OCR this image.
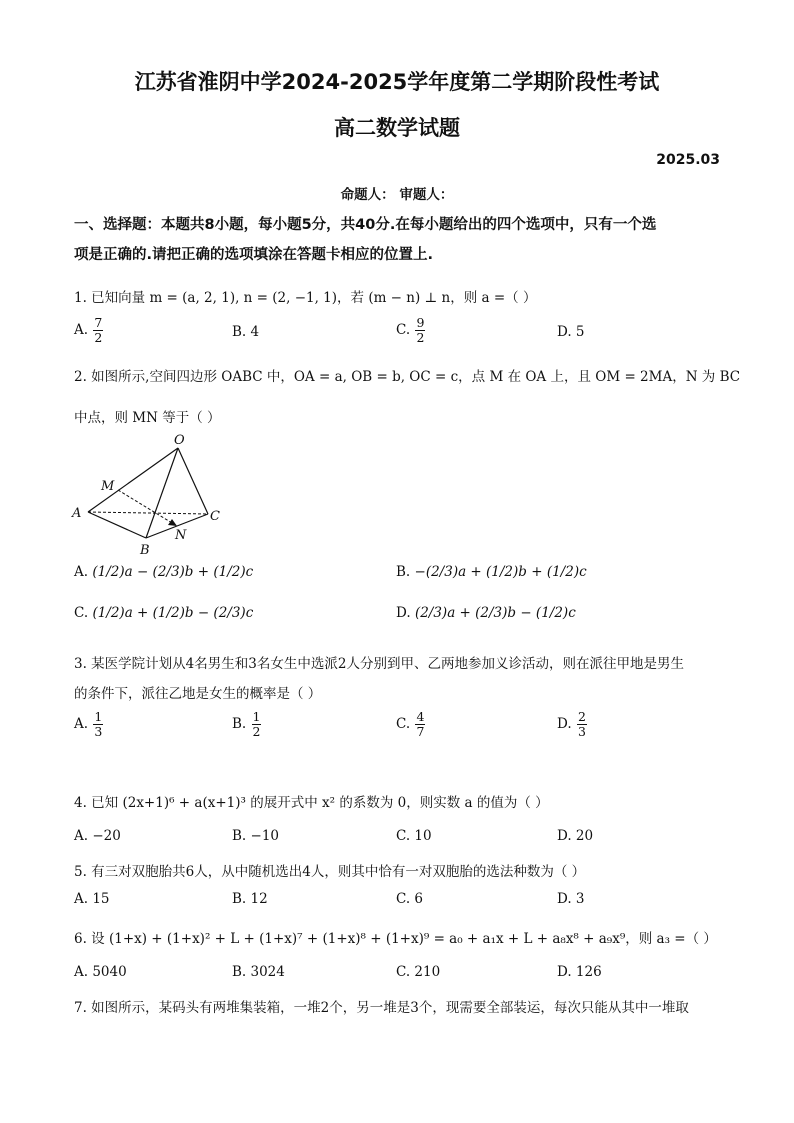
江苏省淮阴中学2024-2025学年度第二学期阶段性考试
高二数学试题
2025.03
命题人： 审题人：
一、选择题：本题共8小题，每小题5分，共40分.在每小题给出的四个选项中，只有一个选
项是正确的.请把正确的选项填涂在答题卡相应的位置上.
1. 已知向量 m = (a, 2, 1), n = (2, −1, 1)，若 (m − n) ⊥ n，则 a =（ ）
A. $\frac{7}{2}$	B. 4	C. $\frac{9}{2}$	D. 5
2. 如图所示,空间四边形 OABC 中，OA = a, OB = b, OC = c，点 M 在 OA 上，且 OM = 2MA，N 为 BC
中点，则 MN 等于（ ）
O
M
A	C
N
B
A. (1/2)a − (2/3)b + (1/2)c	B. −(2/3)a + (1/2)b + (1/2)c
C. (1/2)a + (1/2)b − (2/3)c	D. (2/3)a + (2/3)b − (1/2)c
3. 某医学院计划从4名男生和3名女生中选派2人分别到甲、乙两地参加义诊活动，则在派往甲地是男生
的条件下，派往乙地是女生的概率是（ ）
A. $\frac{1}{3}$	B. $\frac{1}{2}$	C. $\frac{4}{7}$	D. $\frac{2}{3}$
4. 已知 (2x+1)⁶ + a(x+1)³ 的展开式中 x² 的系数为 0，则实数 a 的值为（ ）
A. −20	B. −10	C. 10	D. 20
5. 有三对双胞胎共6人，从中随机选出4人，则其中恰有一对双胞胎的选法种数为（ ）
A. 15	B. 12	C. 6	D. 3
6. 设 (1+x) + (1+x)² + L + (1+x)⁷ + (1+x)⁸ + (1+x)⁹ = a₀ + a₁x + L + a₈x⁸ + a₉x⁹，则 a₃ =（ ）
A. 5040	B. 3024	C. 210	D. 126
7. 如图所示，某码头有两堆集装箱，一堆2个，另一堆是3个，现需要全部装运，每次只能从其中一堆取
